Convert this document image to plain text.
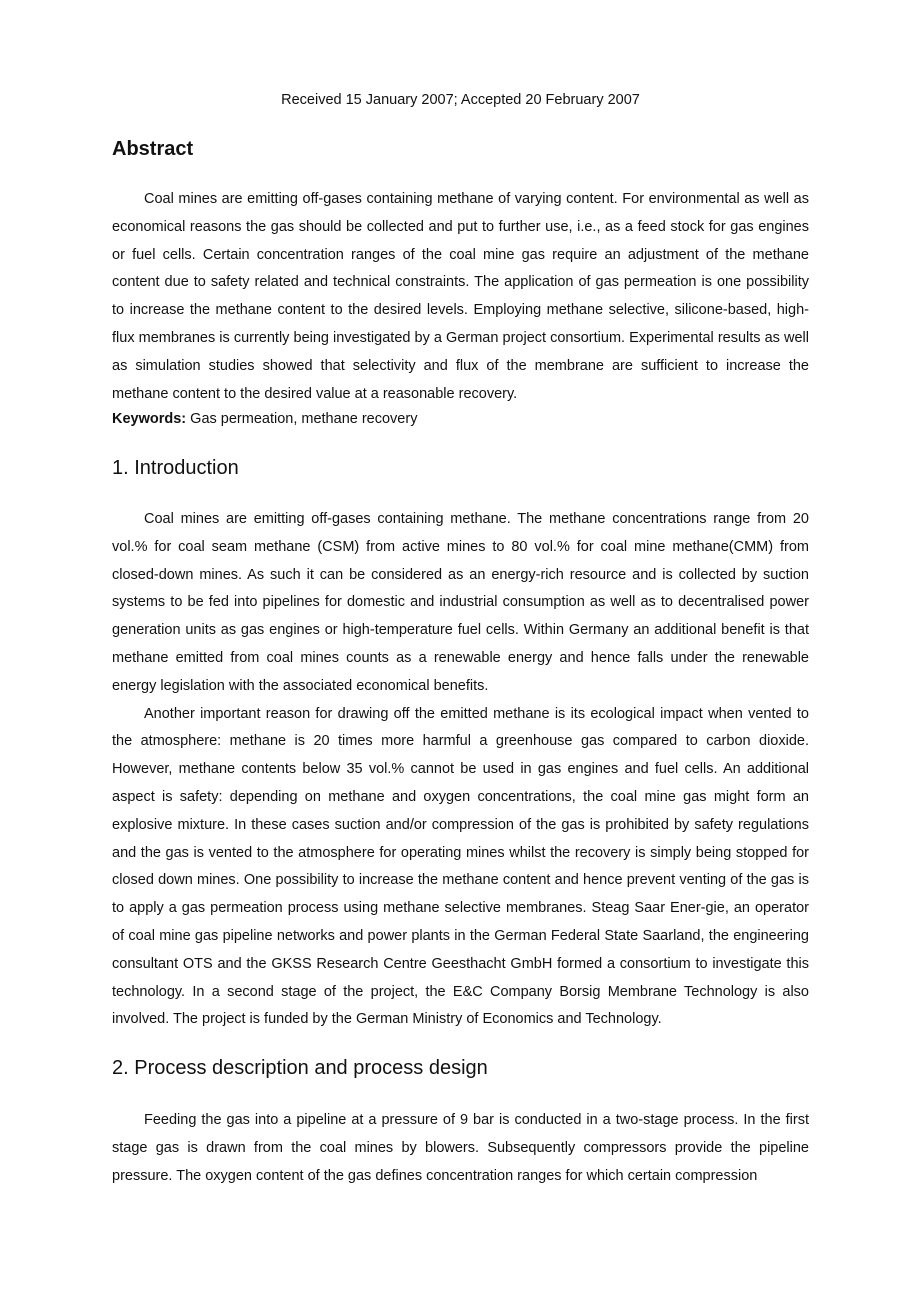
Received 15 January 2007; Accepted 20 February 2007
Abstract

Coal mines are emitting off-gases containing methane of varying content. For environmental as well as economical reasons the gas should be collected and put to further use, i.e., as a feed stock for gas engines or fuel cells. Certain concentration ranges of the coal mine gas require an adjustment of the methane content due to safety related and technical constraints. The application of gas permeation is one possibility to increase the methane content to the desired levels. Employing methane selective, silicone-based, high-flux membranes is currently being investigated by a German project consortium. Experimental results as well as simulation studies showed that selectivity and flux of the membrane are sufficient to increase the methane content to the desired value at a reasonable recovery.

Keywords: Gas permeation, methane recovery
1. Introduction

Coal mines are emitting off-gases containing methane. The methane concentrations range from 20 vol.% for coal seam methane (CSM) from active mines to 80 vol.% for coal mine methane(CMM) from closed-down mines. As such it can be considered as an energy-rich resource and is collected by suction systems to be fed into pipelines for domestic and industrial consumption as well as to decentralised power generation units as gas engines or high-temperature fuel cells. Within Germany an additional benefit is that methane emitted from coal mines counts as a renewable energy and hence falls under the renewable energy legislation with the associated economical benefits.

Another important reason for drawing off the emitted methane is its ecological impact when vented to the atmosphere: methane is 20 times more harmful a greenhouse gas compared to carbon dioxide. However, methane contents below 35 vol.% cannot be used in gas engines and fuel cells. An additional aspect is safety: depending on methane and oxygen concentrations, the coal mine gas might form an explosive mixture. In these cases suction and/or compression of the gas is prohibited by safety regulations and the gas is vented to the atmosphere for operating mines whilst the recovery is simply being stopped for closed down mines. One possibility to increase the methane content and hence prevent venting of the gas is to apply a gas permeation process using methane selective membranes. Steag Saar Ener-gie, an operator of coal mine gas pipeline networks and power plants in the German Federal State Saarland, the engineering consultant OTS and the GKSS Research Centre Geesthacht GmbH formed a consortium to investigate this technology. In a second stage of the project, the E&C Company Borsig Membrane Technology is also involved. The project is funded by the German Ministry of Economics and Technology.

2. Process description and process design

Feeding the gas into a pipeline at a pressure of 9 bar is conducted in a two-stage process. In the first stage gas is drawn from the coal mines by blowers. Subsequently compressors provide the pipeline pressure. The oxygen content of the gas defines concentration ranges for which certain compression
